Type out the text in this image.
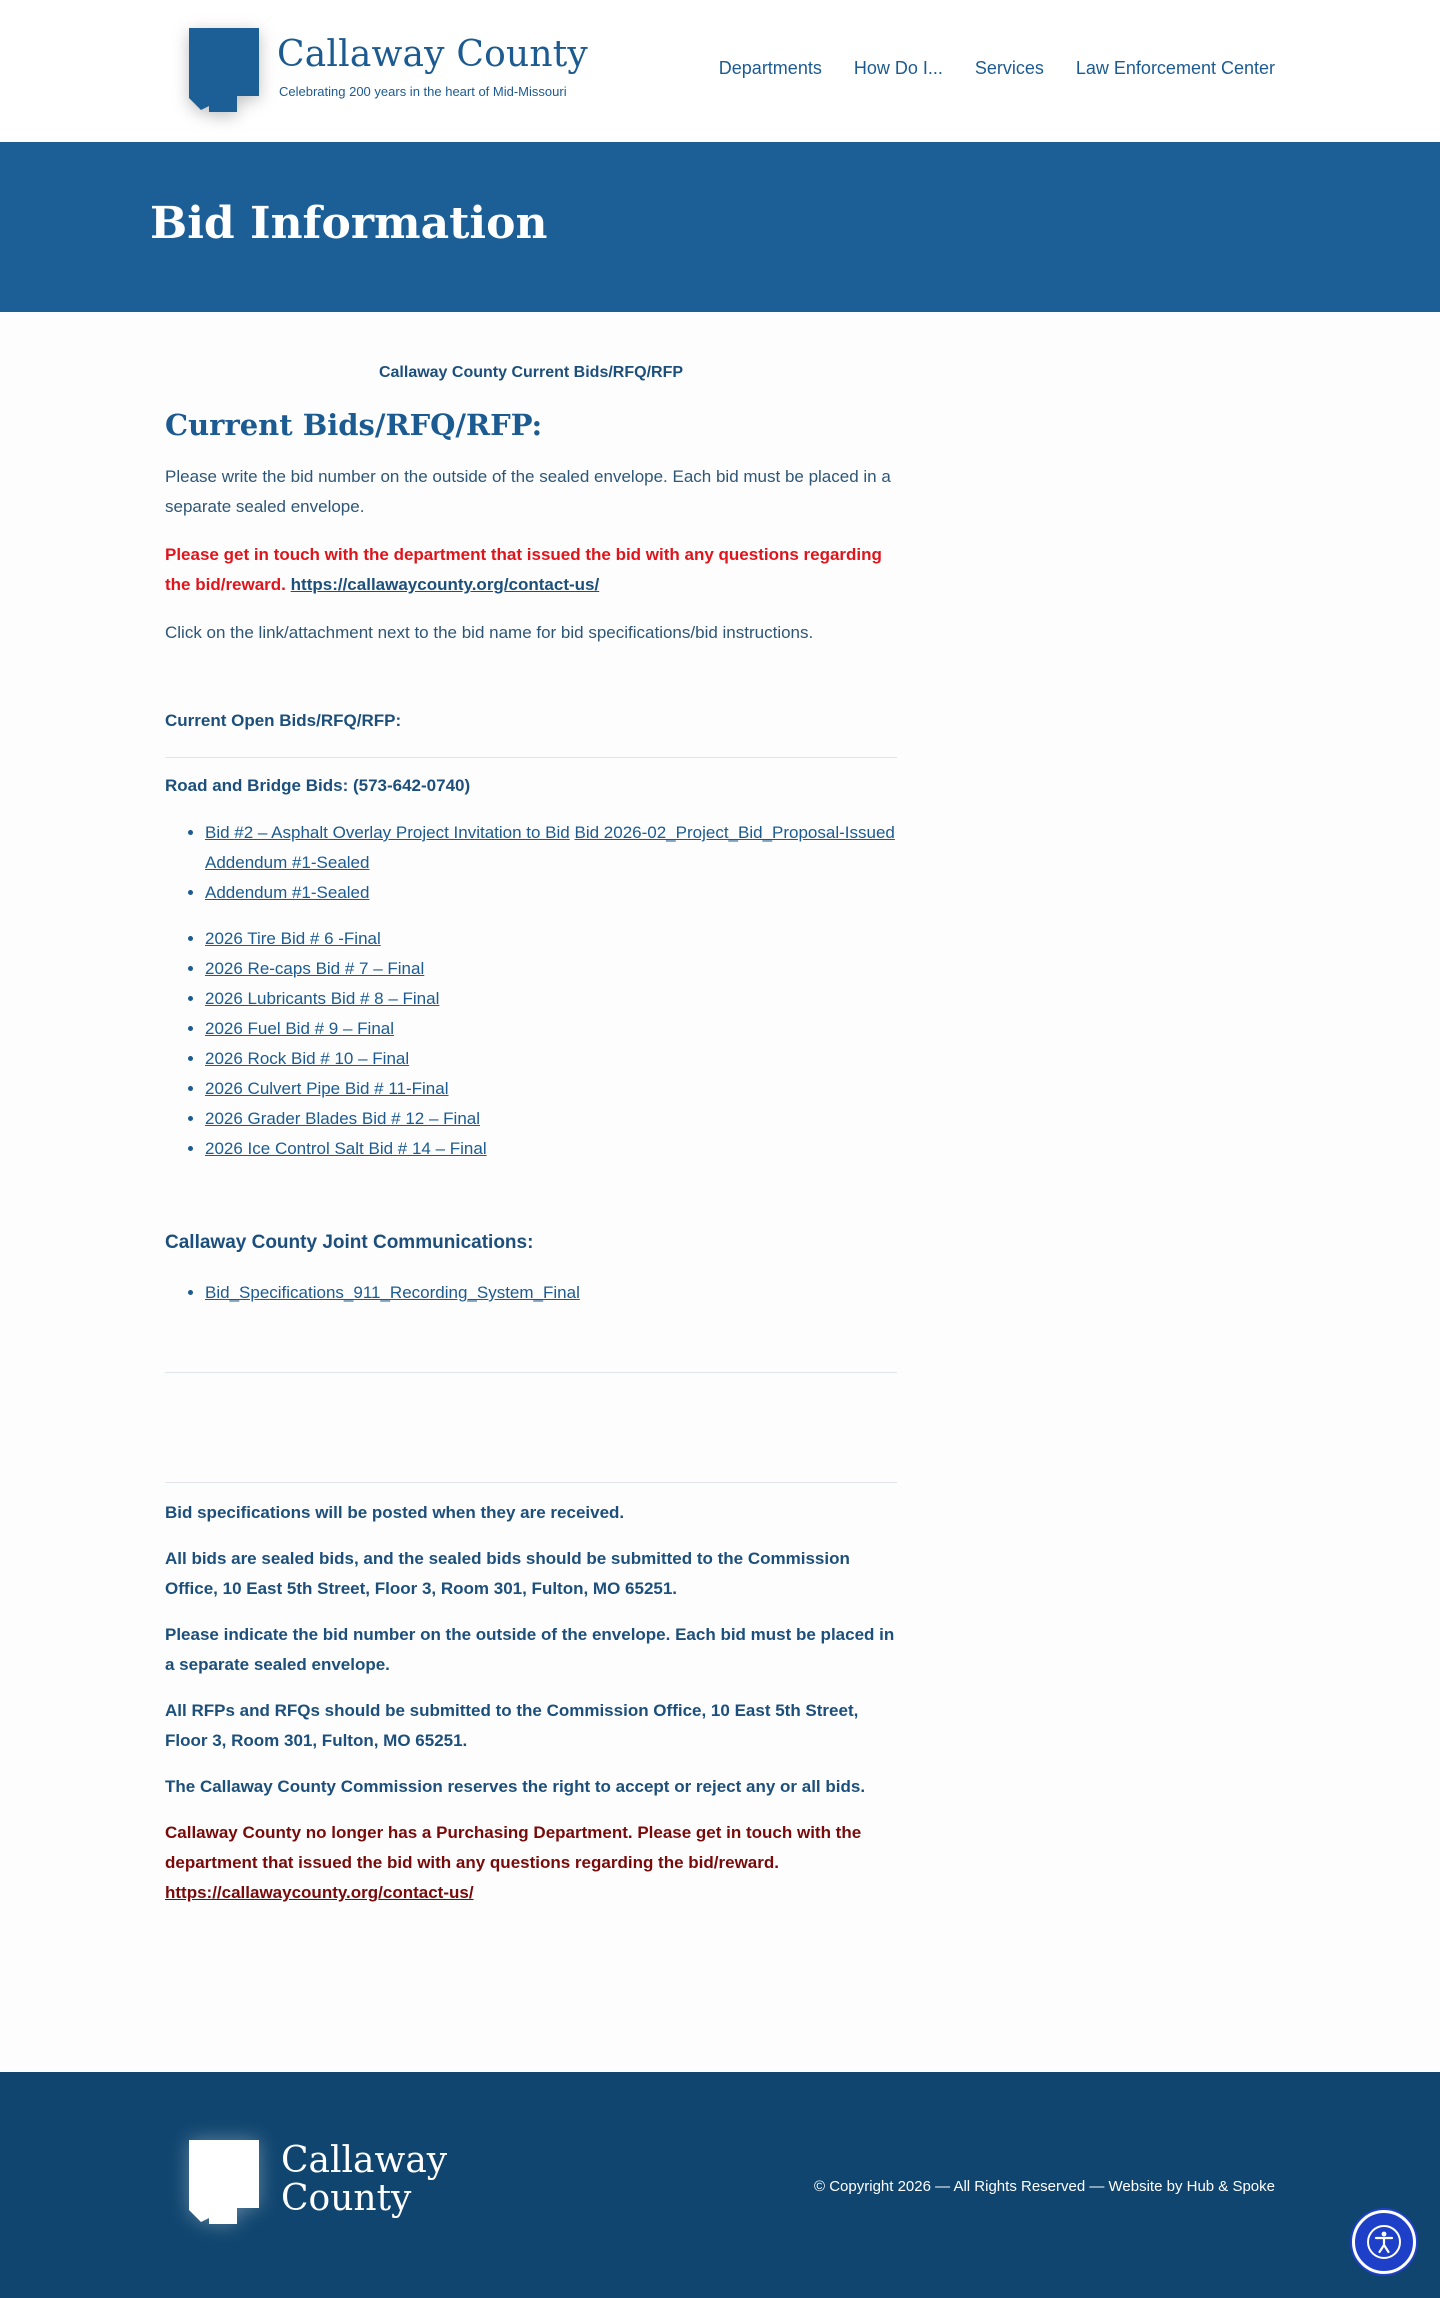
Callaway County
Celebrating 200 years in the heart of Mid-Missouri
Departments How Do I... Services Law Enforcement Center
Bid Information
Callaway County Current Bids/RFQ/RFP
Current Bids/RFQ/RFP:

Please write the bid number on the outside of the sealed envelope. Each bid must be placed in a separate sealed envelope.

Please get in touch with the department that issued the bid with any questions regarding the bid/reward. https://callawaycounty.org/contact-us/

Click on the link/attachment next to the bid name for bid specifications/bid instructions.

Current Open Bids/RFQ/RFP:
Road and Bridge Bids: (573-642-0740)
• Bid #2 – Asphalt Overlay Project Invitation to Bid Bid 2026-02_Project_Bid_Proposal-Issued Addendum #1-Sealed
• Addendum #1-Sealed
• 2026 Tire Bid # 6 -Final
• 2026 Re-caps Bid # 7 – Final
• 2026 Lubricants Bid # 8 – Final
• 2026 Fuel Bid # 9 – Final
• 2026 Rock Bid # 10 – Final
• 2026 Culvert Pipe Bid # 11-Final
• 2026 Grader Blades Bid # 12 – Final
• 2026 Ice Control Salt Bid # 14 – Final
Callaway County Joint Communications:
• Bid_Specifications_911_Recording_System_Final

Bid specifications will be posted when they are received.

All bids are sealed bids, and the sealed bids should be submitted to the Commission Office, 10 East 5th Street, Floor 3, Room 301, Fulton, MO 65251.

Please indicate the bid number on the outside of the envelope. Each bid must be placed in a separate sealed envelope.

All RFPs and RFQs should be submitted to the Commission Office, 10 East 5th Street, Floor 3, Room 301, Fulton, MO 65251.

The Callaway County Commission reserves the right to accept or reject any or all bids.

Callaway County no longer has a Purchasing Department. Please get in touch with the department that issued the bid with any questions regarding the bid/reward.
https://callawaycounty.org/contact-us/

Callaway
County	© Copyright 2026 — All Rights Reserved — Website by Hub & Spoke
